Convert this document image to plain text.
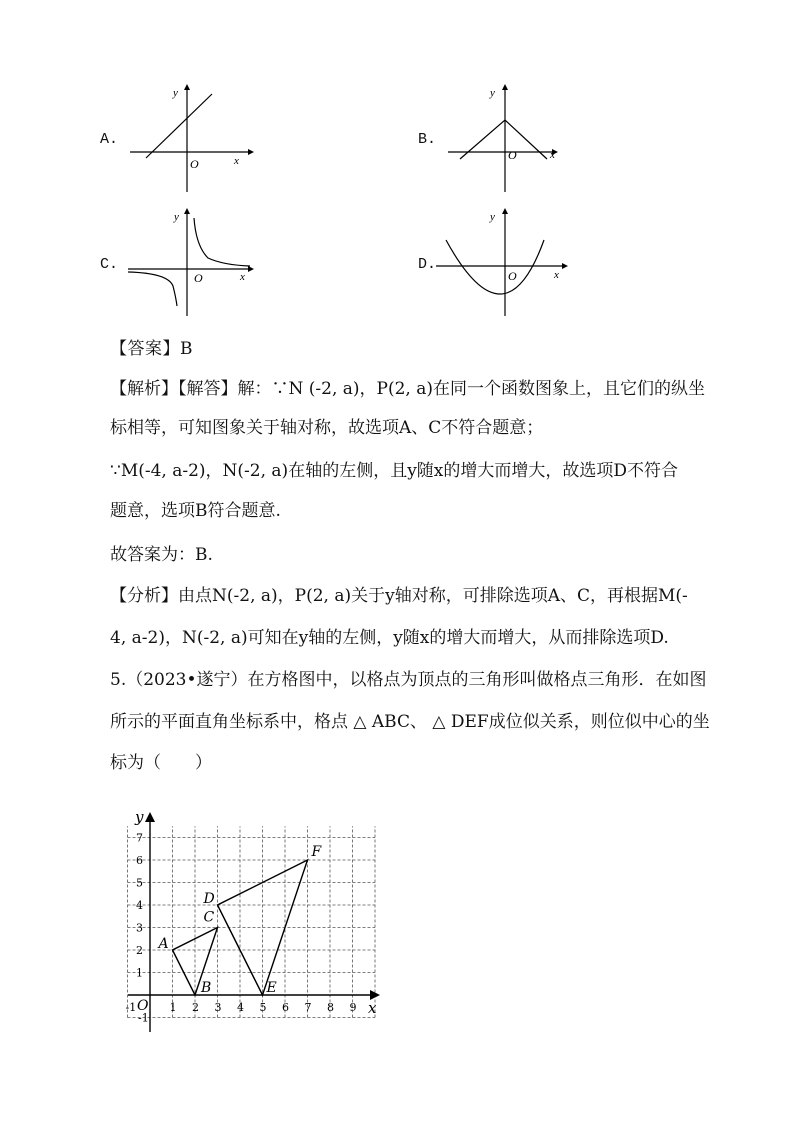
A.
x
y
O
B.
x
y
O
C.
x
y
O
D.
x
y
O
【答案】B
【解析】【解答】解：∵N (-2, a)，P(2, a)在同一个函数图象上，且它们的纵坐
标相等，可知图象关于轴对称，故选项A、C不符合题意；
∵M(-4, a-2)，N(-2, a)在轴的左侧，且y随x的增大而增大，故选项D不符合
题意，选项B符合题意.
故答案为：B.
【分析】由点N(-2, a)，P(2, a)关于y轴对称，可排除选项A、C，再根据M(-
4, a-2)，N(-2, a)可知在y轴的左侧，y随x的增大而增大，从而排除选项D.
5.（2023•遂宁）在方格图中，以格点为顶点的三角形叫做格点三角形．在如图
所示的平面直角坐标系中，格点 △ ABC、 △ DEF成位似关系，则位似中心的坐
标为（　　）
x
y
O
-1	1 2 3 4 5 6 7 8 9
-1
1
2
3
4
5
6
7
A
B
C
D
E
F
